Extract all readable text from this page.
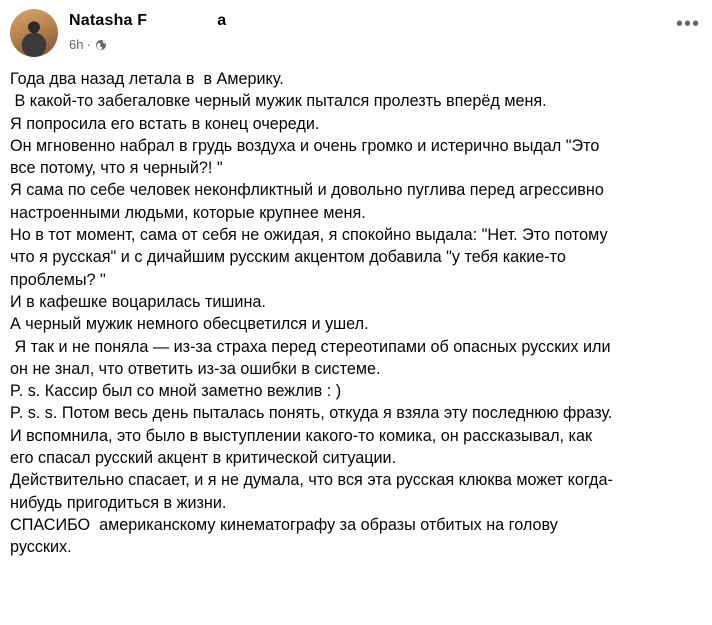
Natasha F	a
6h ·
•••
Года два назад летала в  в Америку.
В какой-то забегаловке черный мужик пытался пролезть вперёд меня.
Я попросила его встать в конец очереди.
Он мгновенно набрал в грудь воздуха и очень громко и истерично выдал "Это
все потому, что я черный?! "
Я сама по себе человек неконфликтный и довольно пуглива перед агрессивно
настроенными людьми, которые крупнее меня.
Но в тот момент, сама от себя не ожидая, я спокойно выдала: "Нет. Это потому
что я русская" и с дичайшим русским акцентом добавила "у тебя какие-то
проблемы? "
И в кафешке воцарилась тишина.
А черный мужик немного обесцветился и ушел.
Я так и не поняла — из-за страха перед стереотипами об опасных русских или
он не знал, что ответить из-за ошибки в системе.
P. s. Кассир был со мной заметно вежлив : )
P. s. s. Потом весь день пыталась понять, откуда я взяла эту последнюю фразу.
И вспомнила, это было в выступлении какого-то комика, он рассказывал, как
его спасал русский акцент в критической ситуации.
Действительно спасает, и я не думала, что вся эта русская клюква может когда-
нибудь пригодиться в жизни.
СПАСИБО  американскому кинематографу за образы отбитых на голову
русских.
